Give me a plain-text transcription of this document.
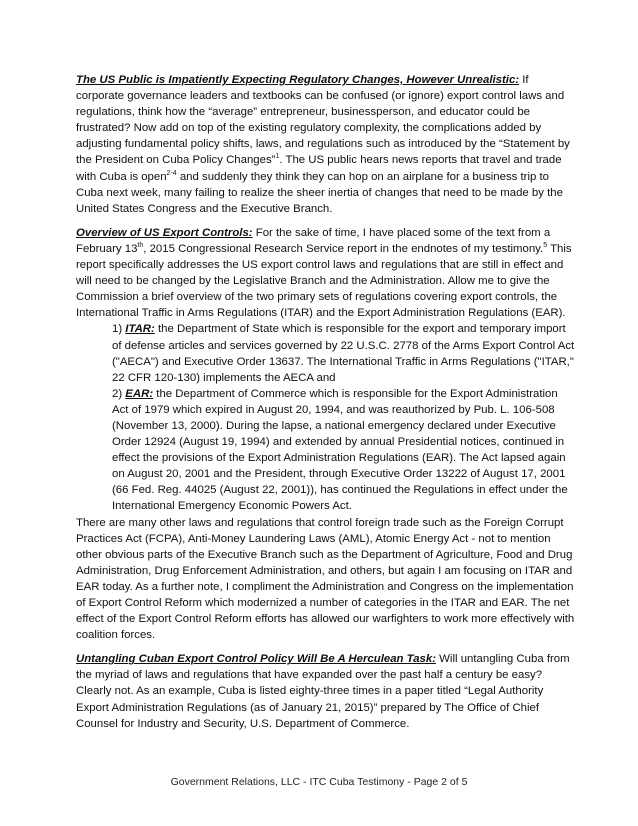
The US Public is Impatiently Expecting Regulatory Changes, However Unrealistic: If corporate governance leaders and textbooks can be confused (or ignore) export control laws and regulations, think how the “average” entrepreneur, businessperson, and educator could be frustrated? Now add on top of the existing regulatory complexity, the complications added by adjusting fundamental policy shifts, laws, and regulations such as introduced by the “Statement by the President on Cuba Policy Changes”$^1$. The US public hears news reports that travel and trade with Cuba is open$^{2-4}$ and suddenly they think they can hop on an airplane for a business trip to Cuba next week, many failing to realize the sheer inertia of changes that need to be made by the United States Congress and the Executive Branch.

Overview of US Export Controls: For the sake of time, I have placed some of the text from a February 13th, 2015 Congressional Research Service report in the endnotes of my testimony.$^5$ This report specifically addresses the US export control laws and regulations that are still in effect and will need to be changed by the Legislative Branch and the Administration. Allow me to give the Commission a brief overview of the two primary sets of regulations covering export controls, the International Traffic in Arms Regulations (ITAR) and the Export Administration Regulations (EAR).

1) ITAR: the Department of State which is responsible for the export and temporary import of defense articles and services governed by 22 U.S.C. 2778 of the Arms Export Control Act ("AECA") and Executive Order 13637. The International Traffic in Arms Regulations ("ITAR," 22 CFR 120-130) implements the AECA and

2) EAR: the Department of Commerce which is responsible for the Export Administration Act of 1979 which expired in August 20, 1994, and was reauthorized by Pub. L. 106-508 (November 13, 2000). During the lapse, a national emergency declared under Executive Order 12924 (August 19, 1994) and extended by annual Presidential notices, continued in effect the provisions of the Export Administration Regulations (EAR). The Act lapsed again on August 20, 2001 and the President, through Executive Order 13222 of August 17, 2001 (66 Fed. Reg. 44025 (August 22, 2001)), has continued the Regulations in effect under the International Emergency Economic Powers Act.

There are many other laws and regulations that control foreign trade such as the Foreign Corrupt Practices Act (FCPA), Anti-Money Laundering Laws (AML), Atomic Energy Act - not to mention other obvious parts of the Executive Branch such as the Department of Agriculture, Food and Drug Administration, Drug Enforcement Administration, and others, but again I am focusing on ITAR and EAR today. As a further note, I compliment the Administration and Congress on the implementation of Export Control Reform which modernized a number of categories in the ITAR and EAR. The net effect of the Export Control Reform efforts has allowed our warfighters to work more effectively with coalition forces.

Untangling Cuban Export Control Policy Will Be A Herculean Task: Will untangling Cuba from the myriad of laws and regulations that have expanded over the past half a century be easy? Clearly not. As an example, Cuba is listed eighty-three times in a paper titled “Legal Authority Export Administration Regulations (as of January 21, 2015)” prepared by The Office of Chief Counsel for Industry and Security, U.S. Department of Commerce.

Government Relations, LLC - ITC Cuba Testimony - Page 2 of 5
